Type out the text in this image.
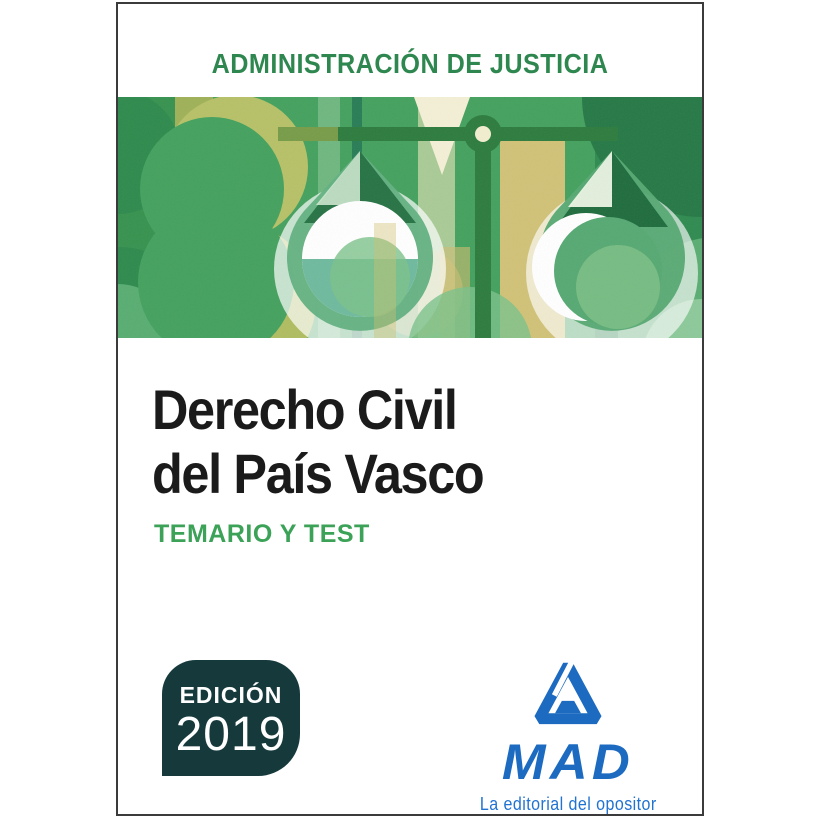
ADMINISTRACIÓN DE JUSTICIA
Derecho Civil
del País Vasco
TEMARIO Y TEST
EDICIÓN
2019	MAD
La editorial del opositor
